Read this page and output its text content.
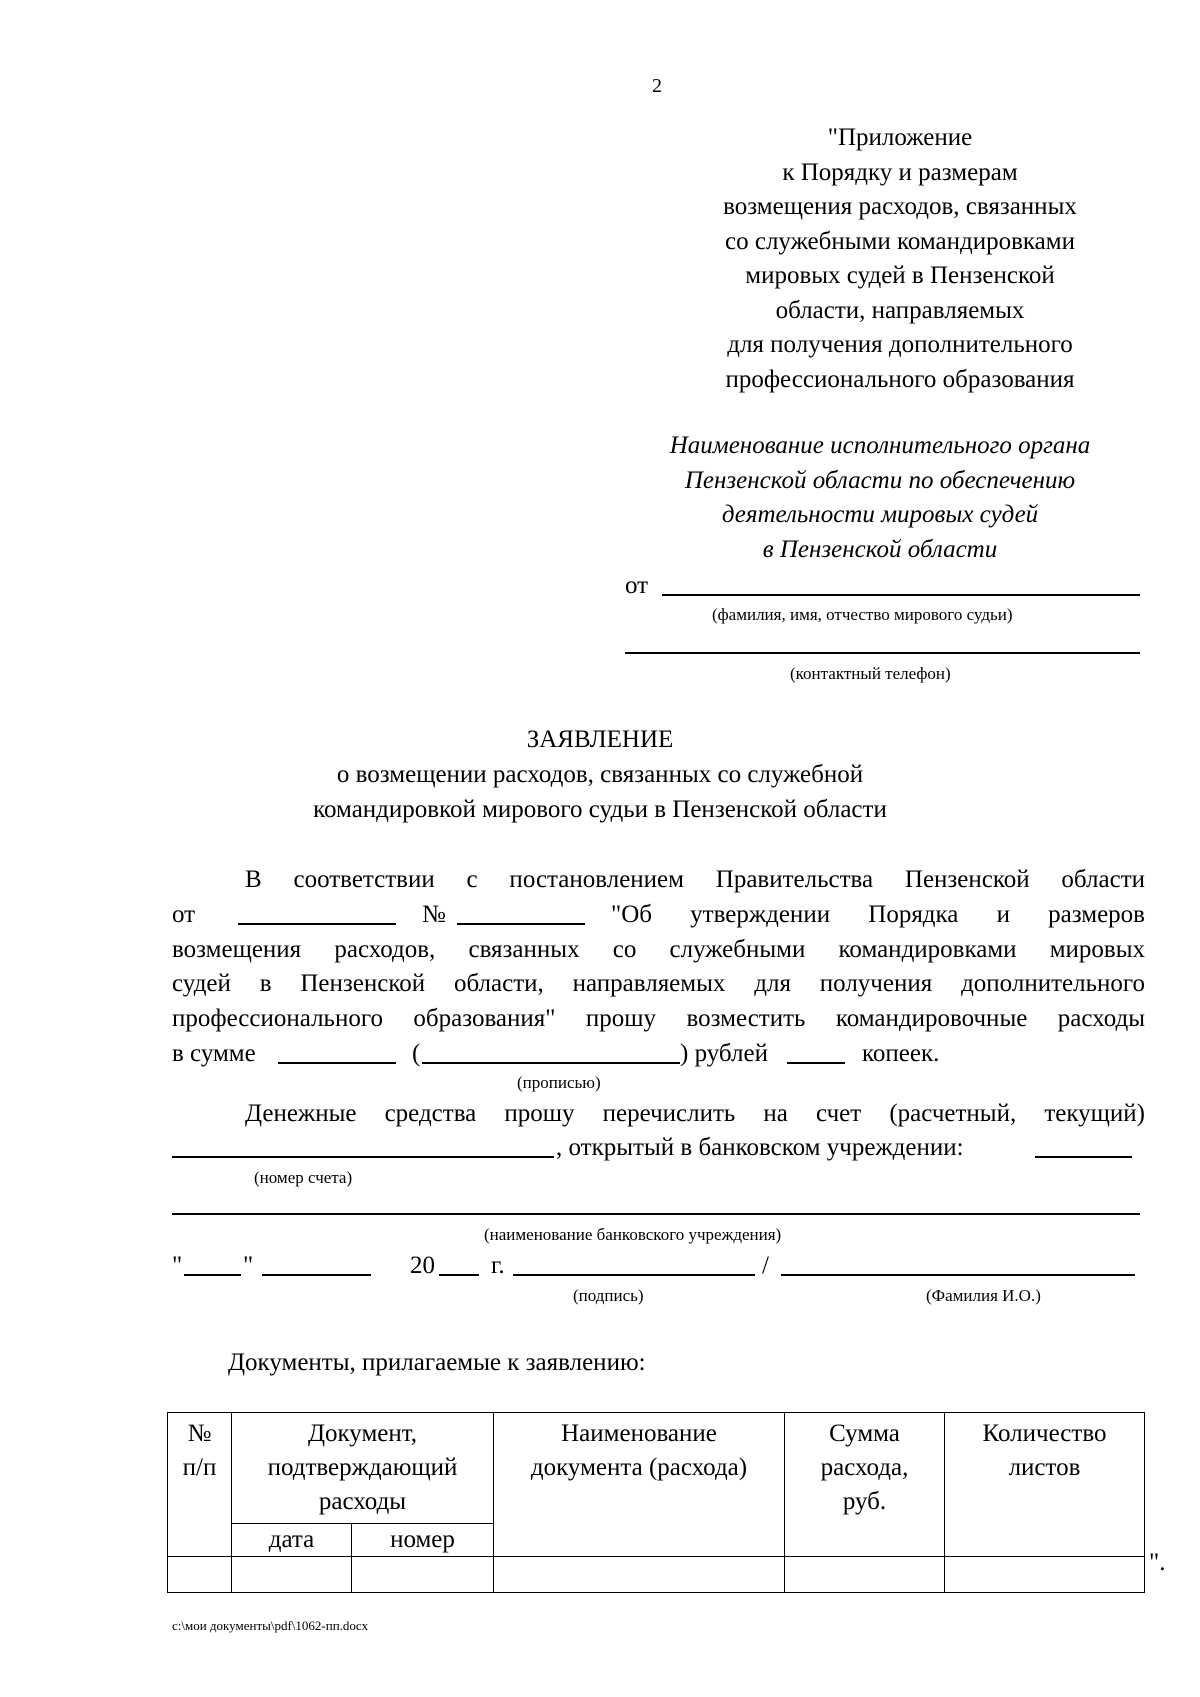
2
"Приложение
к Порядку и размерам
возмещения расходов, связанных
со служебными командировками
мировых судей в Пензенской
области, направляемых
для получения дополнительного
профессионального образования
Наименование исполнительного органа
Пензенской области по обеспечению
деятельности мировых судей
в Пензенской области
от
(фамилия, имя, отчество мирового судьи)
(контактный телефон)
ЗАЯВЛЕНИЕ
о возмещении расходов, связанных со служебной
командировкой мирового судьи в Пензенской области
В соответствии с постановлением Правительства Пензенской области
от	№	"Об утверждении Порядка и размеров
возмещения расходов, связанных со служебными командировками мировых
судей в Пензенской области, направляемых для получения дополнительного
профессионального образования" прошу возместить командировочные расходы
в сумме	(	) рублей	копеек.
(прописью)
Денежные средства прошу перечислить на счет (расчетный, текущий)
, открытый в банковском учреждении:
(номер счета)
(наименование банковского учреждения)
" "	20 г.	/
(подпись)	(Фамилия И.О.)
Документы, прилагаемые к заявлению:
№ п/п	Документ, подтверждающий расходы		Наименование документа (расхода)	Сумма расхода, руб.	Количество листов
	дата	номер			

".
c:\мои документы\pdf\1062-пп.docx
